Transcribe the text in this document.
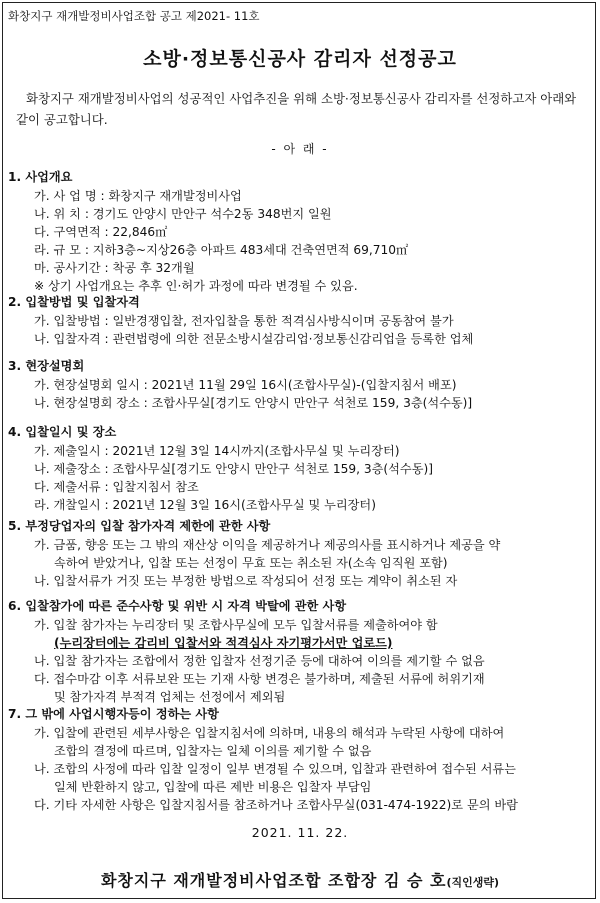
화창지구 재개발정비사업조합 공고 제2021- 11호
소방·정보통신공사 감리자 선정공고
화창지구 재개발정비사업의 성공적인 사업추진을 위해 소방·정보통신공사 감리자를 선정하고자 아래와 같이 공고합니다.
- 아 래 -
1. 사업개요
가. 사 업 명 : 화창지구 재개발정비사업
나. 위 치 : 경기도 안양시 만안구 석수2동 348번지 일원
다. 구역면적 : 22,846㎡
라. 규 모 : 지하3층~지상26층 아파트 483세대 건축연면적 69,710㎡
마. 공사기간 : 착공 후 32개월
※ 상기 사업개요는 추후 인·허가 과정에 따라 변경될 수 있음.
2. 입찰방법 및 입찰자격
가. 입찰방법 : 일반경쟁입찰, 전자입찰을 통한 적격심사방식이며 공동참여 불가
나. 입찰자격 : 관련법령에 의한 전문소방시설감리업·정보통신감리업을 등록한 업체
3. 현장설명회
가. 현장설명회 일시 : 2021년 11월 29일 16시(조합사무실)-(입찰지침서 배포)
나. 현장설명회 장소 : 조합사무실[경기도 안양시 만안구 석천로 159, 3층(석수동)]
4. 입찰일시 및 장소
가. 제출일시 : 2021년 12월 3일 14시까지(조합사무실 및 누리장터)
나. 제출장소 : 조합사무실[경기도 안양시 만안구 석천로 159, 3층(석수동)]
다. 제출서류 : 입찰지침서 참조
라. 개찰일시 : 2021년 12월 3일 16시(조합사무실 및 누리장터)
5. 부정당업자의 입찰 참가자격 제한에 관한 사항
가. 금품, 향응 또는 그 밖의 재산상 이익을 제공하거나 제공의사를 표시하거나 제공을 약
속하여 받았거나, 입찰 또는 선정이 무효 또는 취소된 자(소속 임직원 포함)
나. 입찰서류가 거짓 또는 부정한 방법으로 작성되어 선정 또는 계약이 취소된 자
6. 입찰참가에 따른 준수사항 및 위반 시 자격 박탈에 관한 사항
가. 입찰 참가자는 누리장터 및 조합사무실에 모두 입찰서류를 제출하여야 함
(누리장터에는 감리비 입찰서와 적격심사 자기평가서만 업로드)
나. 입찰 참가자는 조합에서 정한 입찰자 선정기준 등에 대하여 이의를 제기할 수 없음
다. 접수마감 이후 서류보완 또는 기재 사항 변경은 불가하며, 제출된 서류에 허위기재
및 참가자격 부적격 업체는 선정에서 제외됨
7. 그 밖에 사업시행자등이 정하는 사항
가. 입찰에 관련된 세부사항은 입찰지침서에 의하며, 내용의 해석과 누락된 사항에 대하여
조합의 결정에 따르며, 입찰자는 일체 이의를 제기할 수 없음
나. 조합의 사정에 따라 입찰 일정이 일부 변경될 수 있으며, 입찰과 관련하여 접수된 서류는
일체 반환하지 않고, 입찰에 따른 제반 비용은 입찰자 부담임
다. 기타 자세한 사항은 입찰지침서를 참조하거나 조합사무실(031-474-1922)로 문의 바람
2021. 11. 22.
화창지구 재개발정비사업조합 조합장 김 승 호(직인생략)
